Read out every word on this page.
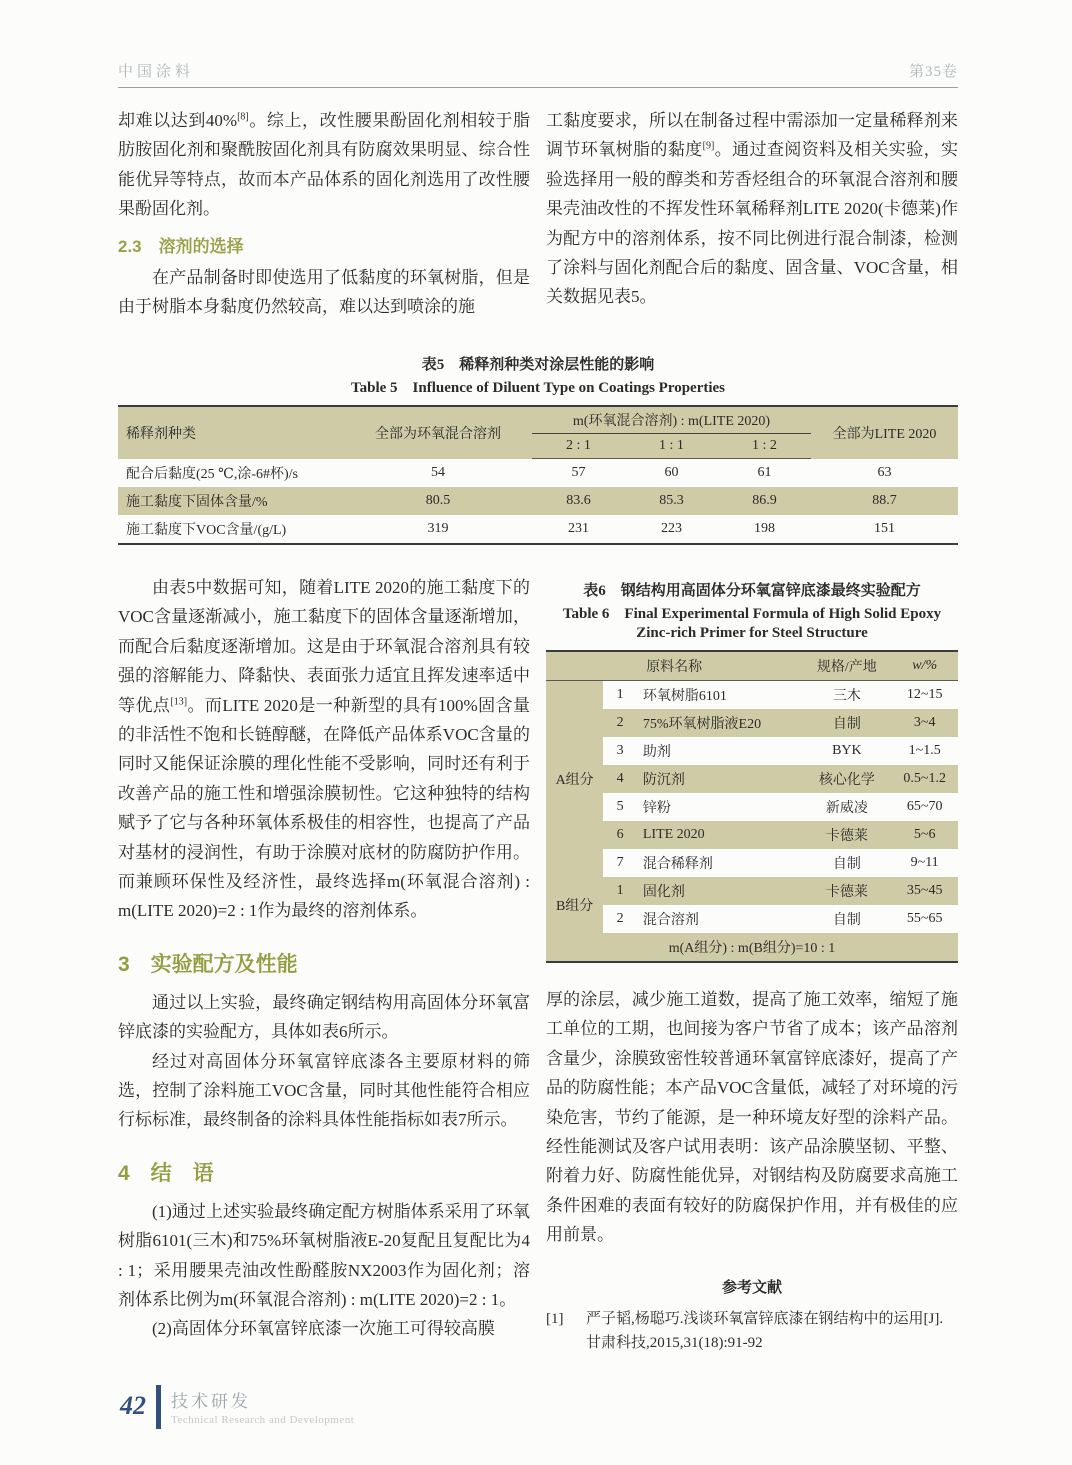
中国涂料	第35卷

却难以达到40%[8]。综上，改性腰果酚固化剂相较于脂肪胺固化剂和聚酰胺固化剂具有防腐效果明显、综合性能优异等特点，故而本产品体系的固化剂选用了改性腰果酚固化剂。

2.3　溶剂的选择

在产品制备时即使选用了低黏度的环氧树脂，但是由于树脂本身黏度仍然较高，难以达到喷涂的施

工黏度要求，所以在制备过程中需添加一定量稀释剂来调节环氧树脂的黏度[9]。通过查阅资料及相关实验，实验选择用一般的醇类和芳香烃组合的环氧混合溶剂和腰果壳油改性的不挥发性环氧稀释剂LITE 2020(卡德莱)作为配方中的溶剂体系，按不同比例进行混合制漆，检测了涂料与固化剂配合后的黏度、固含量、VOC含量，相关数据见表5。

表5　稀释剂种类对涂层性能的影响
Table 5　Influence of Diluent Type on Coatings Properties
稀释剂种类	全部为环氧混合溶剂	m(环氧混合溶剂) : m(LITE 2020)			全部为LITE 2020
		2 : 1	1 : 1	1 : 2	
配合后黏度(25 ℃,涂-6#杯)/s	54	57	60	61	63
施工黏度下固体含量/%	80.5	83.6	85.3	86.9	88.7
施工黏度下VOC含量/(g/L)	319	231	223	198	151

由表5中数据可知，随着LITE 2020的施工黏度下的VOC含量逐渐减小，施工黏度下的固体含量逐渐增加，而配合后黏度逐渐增加。这是由于环氧混合溶剂具有较强的溶解能力、降黏快、表面张力适宜且挥发速率适中等优点[13]。而LITE 2020是一种新型的具有100%固含量的非活性不饱和长链醇醚，在降低产品体系VOC含量的同时又能保证涂膜的理化性能不受影响，同时还有利于改善产品的施工性和增强涂膜韧性。它这种独特的结构赋予了它与各种环氧体系极佳的相容性，也提高了产品对基材的浸润性，有助于涂膜对底材的防腐防护作用。而兼顾环保性及经济性，最终选择m(环氧混合溶剂) : m(LITE 2020)=2 : 1作为最终的溶剂体系。

3　实验配方及性能

通过以上实验，最终确定钢结构用高固体分环氧富锌底漆的实验配方，具体如表6所示。

经过对高固体分环氧富锌底漆各主要原材料的筛选，控制了涂料施工VOC含量，同时其他性能符合相应行标标准，最终制备的涂料具体性能指标如表7所示。

4　结　语

(1)通过上述实验最终确定配方树脂体系采用了环氧树脂6101(三木)和75%环氧树脂液E-20复配且复配比为4 : 1；采用腰果壳油改性酚醛胺NX2003作为固化剂；溶剂体系比例为m(环氧混合溶剂) : m(LITE 2020)=2 : 1。

(2)高固体分环氧富锌底漆一次施工可得较高膜

表6　钢结构用高固体分环氧富锌底漆最终实验配方
Table 6　Final Experimental Formula of High Solid Epoxy
Zinc-rich Primer for Steel Structure
原料名称			规格/产地	w/%
A组分	1	环氧树脂6101	三木	12~15
	2	75%环氧树脂液E20	自制	3~4
	3	助剂	BYK	1~1.5
	4	防沉剂	核心化学	0.5~1.2
	5	锌粉	新威凌	65~70
	6	LITE 2020	卡德莱	5~6
	7	混合稀释剂	自制	9~11
B组分	1	固化剂	卡德莱	35~45
	2	混合溶剂	自制	55~65
m(A组分) : m(B组分)=10 : 1				

厚的涂层，减少施工道数，提高了施工效率，缩短了施工单位的工期，也间接为客户节省了成本；该产品溶剂含量少，涂膜致密性较普通环氧富锌底漆好，提高了产品的防腐性能；本产品VOC含量低，减轻了对环境的污染危害，节约了能源，是一种环境友好型的涂料产品。经性能测试及客户试用表明：该产品涂膜坚韧、平整、附着力好、防腐性能优异，对钢结构及防腐要求高施工条件困难的表面有较好的防腐保护作用，并有极佳的应用前景。

参考文献
[1]	严子韬,杨聪巧.浅谈环氧富锌底漆在钢结构中的运用[J].甘肃科技,2015,31(18):91-92
42	技术研发
Technical Research and Development
